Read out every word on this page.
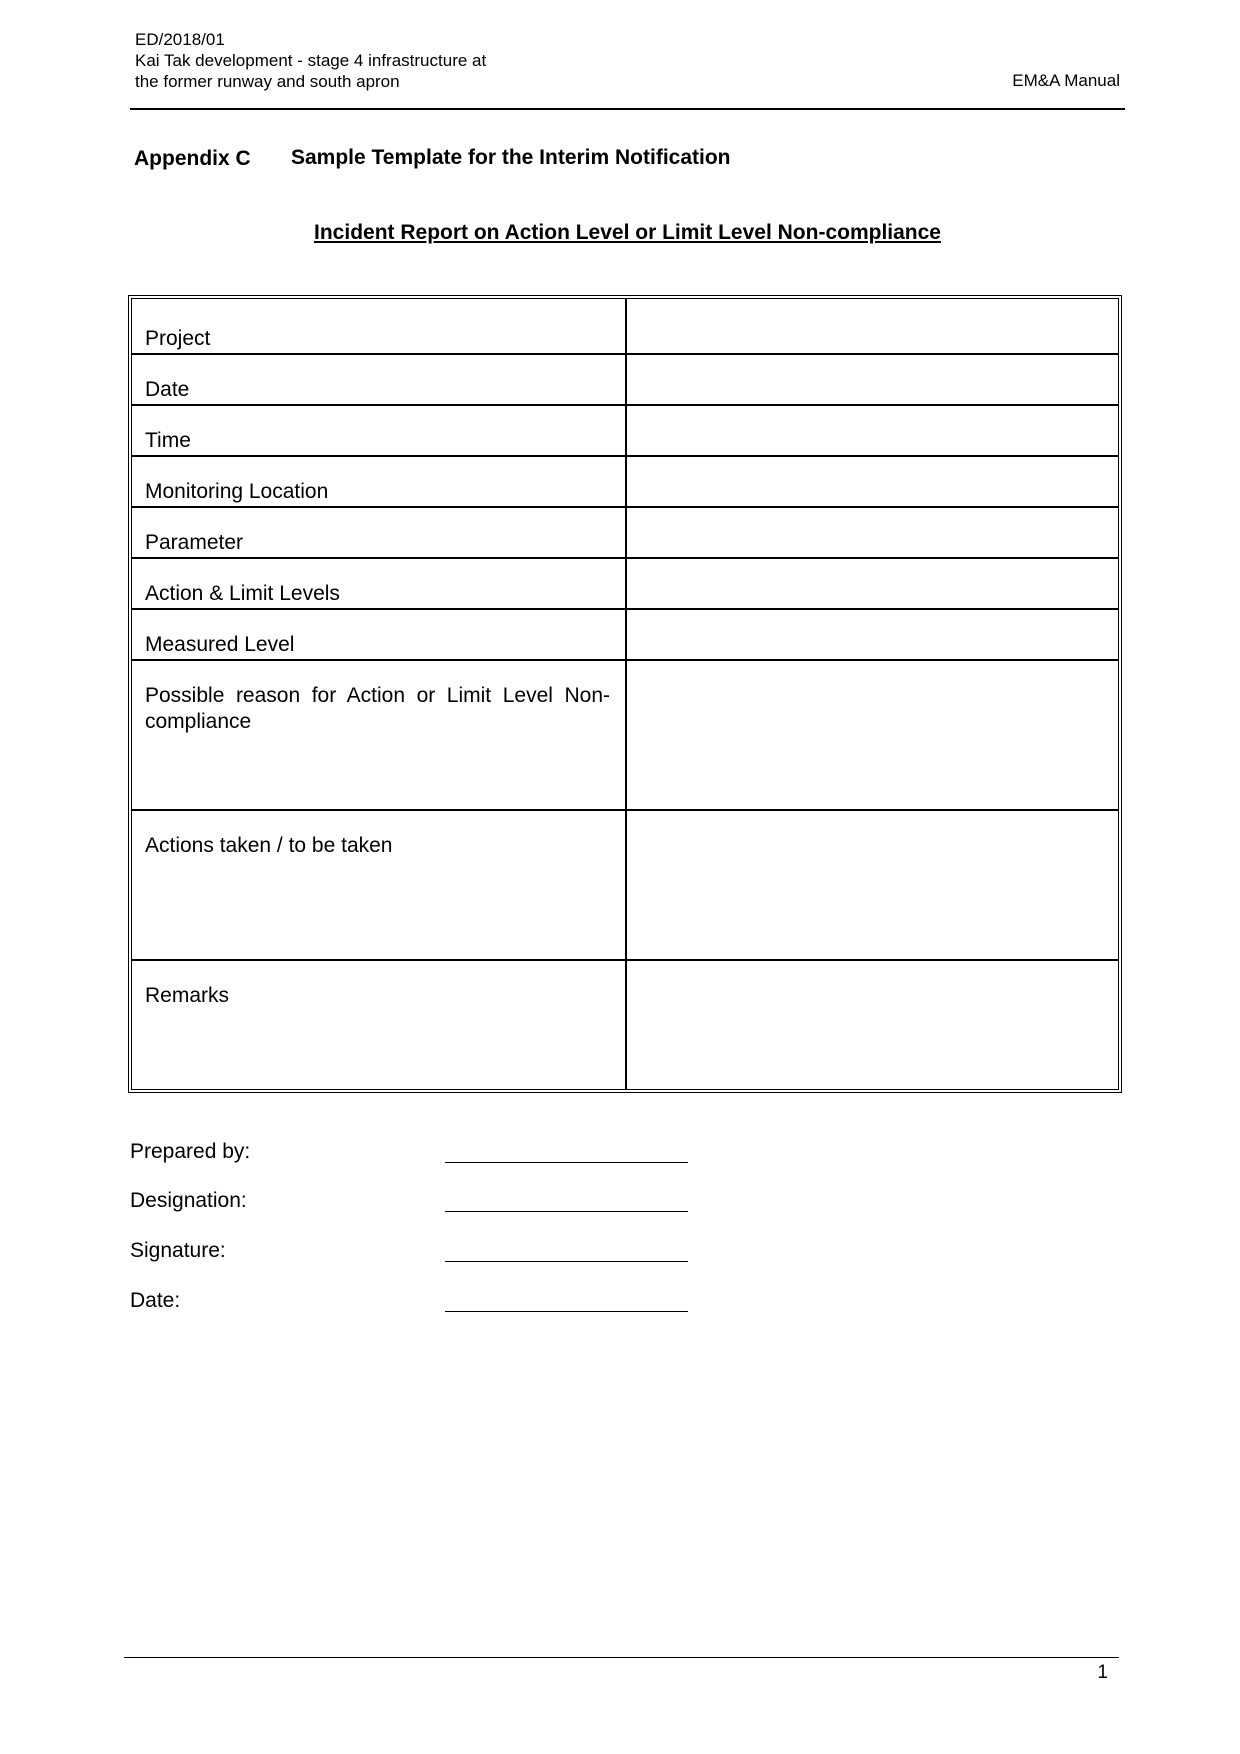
ED/2018/01
Kai Tak development - stage 4 infrastructure at
the former runway and south apron	EM&A Manual
Appendix C Sample Template for the Interim Notification
Incident Report on Action Level or Limit Level Non-compliance
Project
Date
Time
Monitoring Location
Parameter
Action & Limit Levels
Measured Level
Possible reason for Action or Limit Level Non-compliance
Actions taken / to be taken
Remarks
Prepared by:
Designation:
Signature:
Date:
1
